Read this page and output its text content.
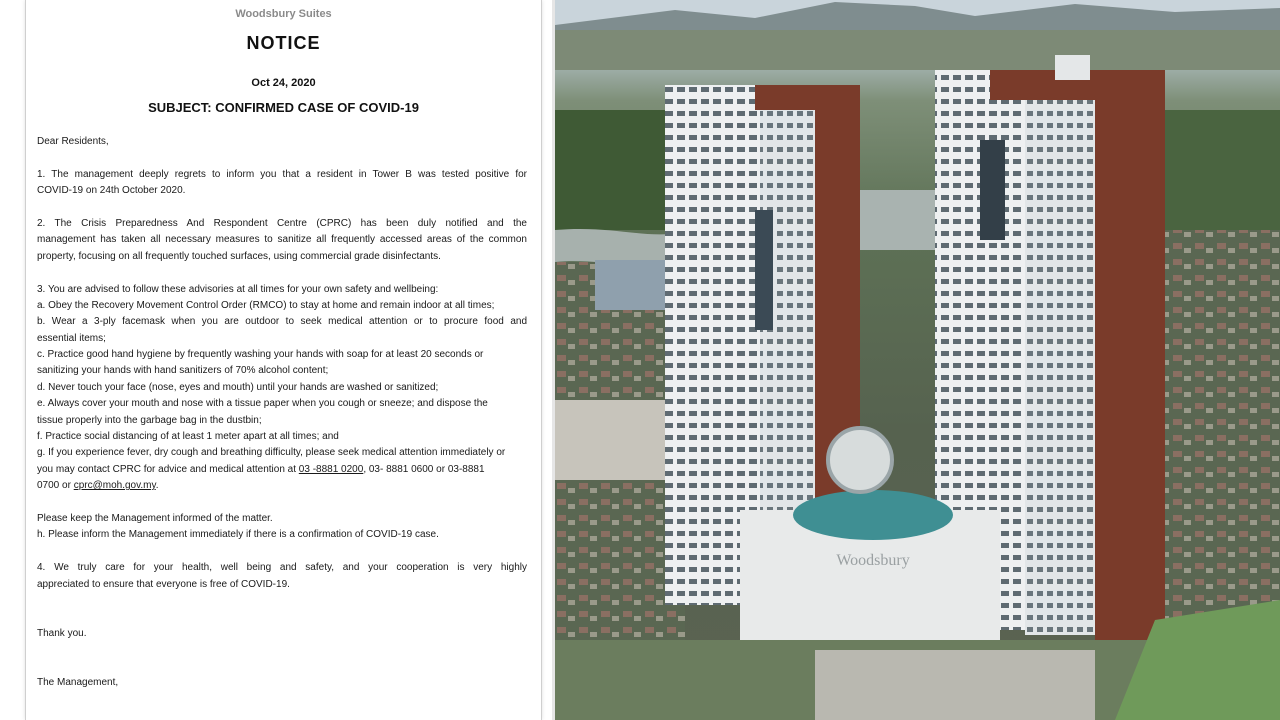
Woodsbury Suites
NOTICE
Oct 24, 2020
SUBJECT: CONFIRMED CASE OF COVID-19
Dear Residents,
1. The management deeply regrets to inform you that a resident in Tower B was tested positive for
COVID-19 on 24th October 2020.
2. The Crisis Preparedness And Respondent Centre (CPRC) has been duly notified and the
management has taken all necessary measures to sanitize all frequently accessed areas of the common
property, focusing on all frequently touched surfaces, using commercial grade disinfectants.
3. You are advised to follow these advisories at all times for your own safety and wellbeing:
a. Obey the Recovery Movement Control Order (RMCO) to stay at home and remain indoor at all times;
b. Wear a 3-ply facemask when you are outdoor to seek medical attention or to procure food and
essential items;
c. Practice good hand hygiene by frequently washing your hands with soap for at least 20 seconds or
sanitizing your hands with hand sanitizers of 70% alcohol content;
d. Never touch your face (nose, eyes and mouth) until your hands are washed or sanitized;
e. Always cover your mouth and nose with a tissue paper when you cough or sneeze; and dispose the
tissue properly into the garbage bag in the dustbin;
f. Practice social distancing of at least 1 meter apart at all times; and
g. If you experience fever, dry cough and breathing difficulty, please seek medical attention immediately or
you may contact CPRC for advice and medical attention at 03 -8881 0200, 03- 8881 0600 or 03-8881
0700 or cprc@moh.gov.my.
Please keep the Management informed of the matter.
h. Please inform the Management immediately if there is a confirmation of COVID-19 case.
4. We truly care for your health, well being and safety, and your cooperation is very highly
appreciated to ensure that everyone is free of COVID-19.
Thank you.
The Management,
Woodsbury
